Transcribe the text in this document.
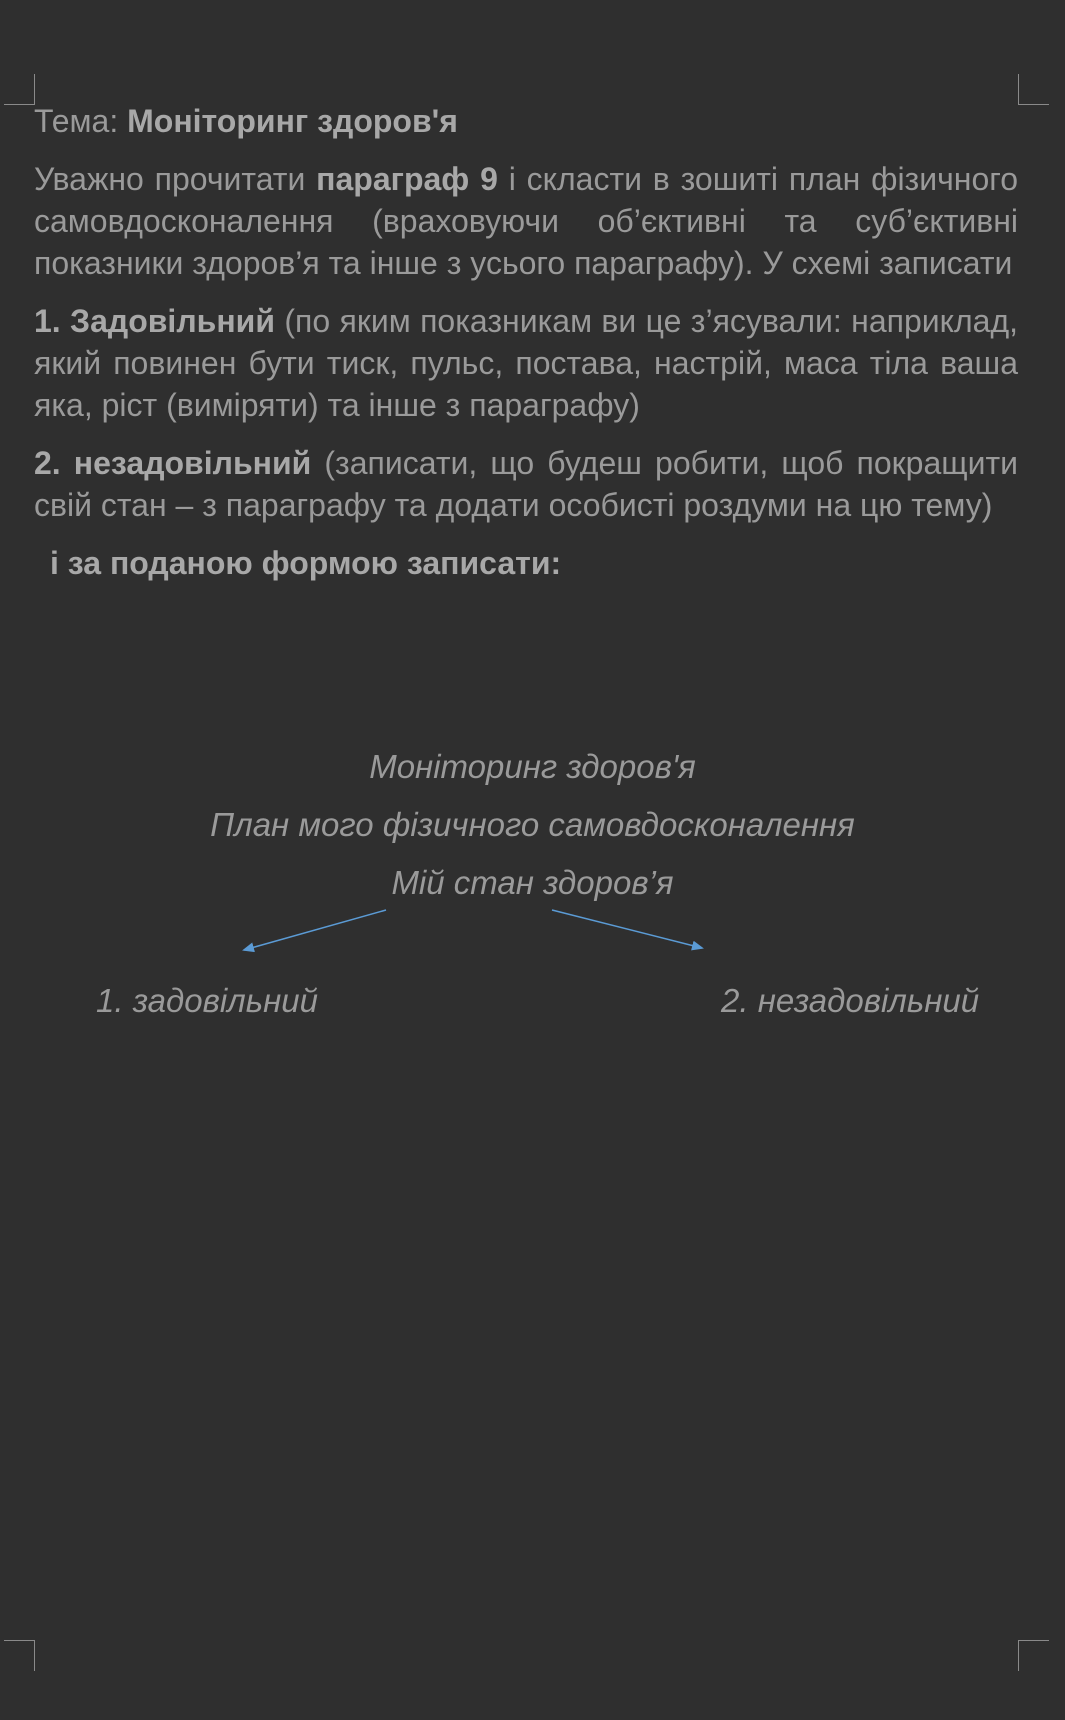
Тема: Моніторинг здоров'я

Уважно прочитати параграф 9 і скласти в зошиті план фізичного самовдосконалення (враховуючи об’єктивні та суб’єктивні показники здоров’я та інше з усього параграфу). У схемі записати

1. Задовільний (по яким показникам ви це з’ясували: наприклад, який повинен бути тиск, пульс, постава, настрій, маса тіла ваша яка, ріст (виміряти) та інше з параграфу)

2. незадовільний (записати, що будеш робити, щоб покращити свій стан – з параграфу та додати особисті роздуми на цю тему)

і за поданою формою записати:
Моніторинг здоров'я
План мого фізичного самовдосконалення
Мій стан здоров’я
1. задовільний	2. незадовільний
